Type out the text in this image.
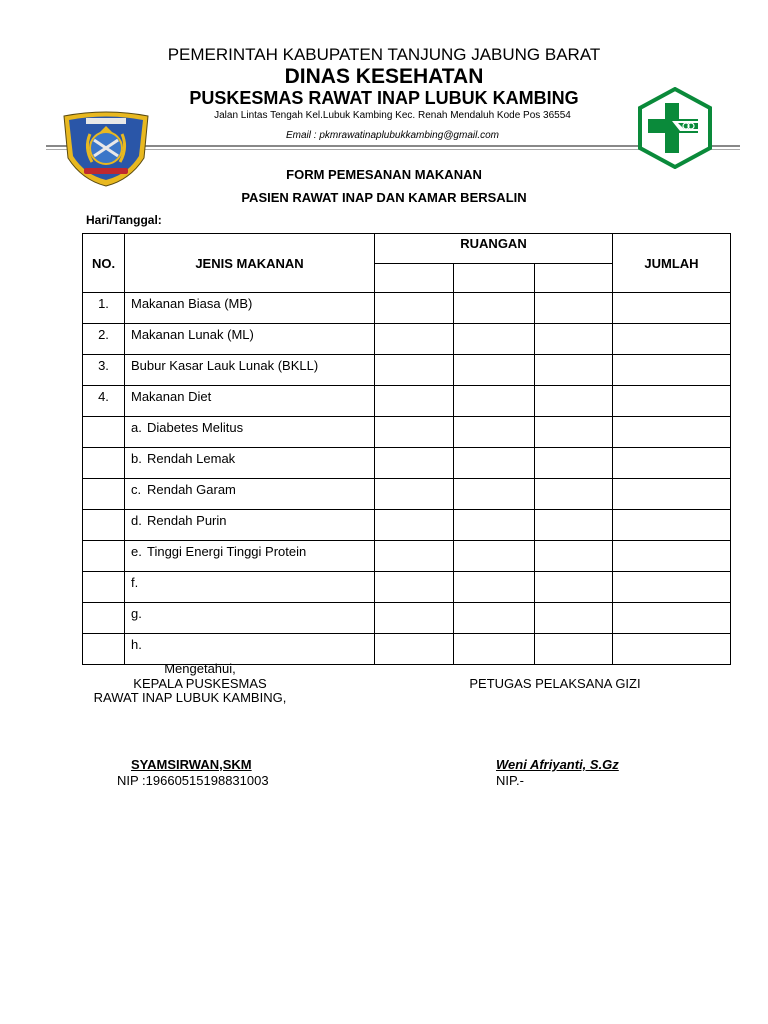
PEMERINTAH KABUPATEN TANJUNG JABUNG BARAT
DINAS KESEHATAN
PUSKESMAS RAWAT INAP LUBUK KAMBING
Jalan Lintas Tengah Kel.Lubuk Kambing Kec. Renah Mendaluh Kode Pos 36554
Email : pkmrawatinaplubukkambing@gmail.com
FORM PEMESANAN MAKANAN
PASIEN RAWAT INAP DAN KAMAR BERSALIN
Hari/Tanggal:
NO.	JENIS MAKANAN	RUANGAN			JUMLAH

1.	Makanan Biasa (MB)				
2.	Makanan Lunak (ML)				
3.	Bubur Kasar Lauk Lunak (BKLL)				
4.	Makanan Diet				
	a. Diabetes Melitus				
	b. Rendah Lemak				
	c. Rendah Garam				
	d. Rendah Purin				
	e. Tinggi Energi Tinggi Protein				
	f.				
	g.				
	h.				
Mengetahui,
KEPALA PUSKESMAS
RAWAT INAP LUBUK KAMBING,
PETUGAS PELAKSANA GIZI
SYAMSIRWAN,SKM
NIP :19660515198831003
Weni Afriyanti, S.Gz
NIP.-
